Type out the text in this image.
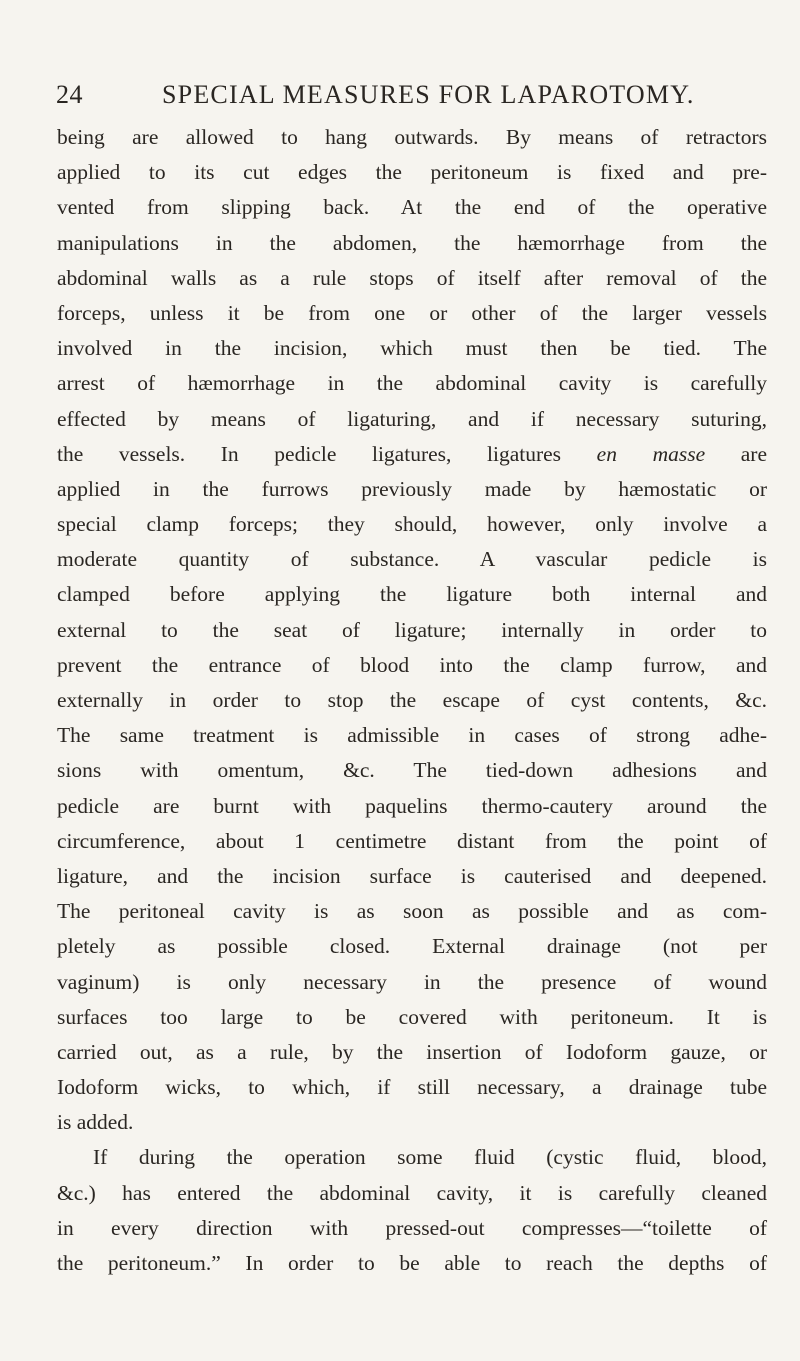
24	SPECIAL MEASURES FOR LAPAROTOMY.
being are allowed to hang outwards. By means of retractors
applied to its cut edges the peritoneum is fixed and pre-
vented from slipping back. At the end of the operative
manipulations in the abdomen, the hæmorrhage from the
abdominal walls as a rule stops of itself after removal of the
forceps, unless it be from one or other of the larger vessels
involved in the incision, which must then be tied. The
arrest of hæmorrhage in the abdominal cavity is carefully
effected by means of ligaturing, and if necessary suturing,
the vessels. In pedicle ligatures, ligatures en masse are
applied in the furrows previously made by hæmostatic or
special clamp forceps; they should, however, only involve a
moderate quantity of substance. A vascular pedicle is
clamped before applying the ligature both internal and
external to the seat of ligature; internally in order to
prevent the entrance of blood into the clamp furrow, and
externally in order to stop the escape of cyst contents, &c.
The same treatment is admissible in cases of strong adhe-
sions with omentum, &c. The tied-down adhesions and
pedicle are burnt with paquelins thermo-cautery around the
circumference, about 1 centimetre distant from the point of
ligature, and the incision surface is cauterised and deepened.
The peritoneal cavity is as soon as possible and as com-
pletely as possible closed. External drainage (not per
vaginum) is only necessary in the presence of wound
surfaces too large to be covered with peritoneum. It is
carried out, as a rule, by the insertion of Iodoform gauze, or
Iodoform wicks, to which, if still necessary, a drainage tube
is added.
If during the operation some fluid (cystic fluid, blood,
&c.) has entered the abdominal cavity, it is carefully cleaned
in every direction with pressed-out compresses—“toilette of
the peritoneum.” In order to be able to reach the depths of
